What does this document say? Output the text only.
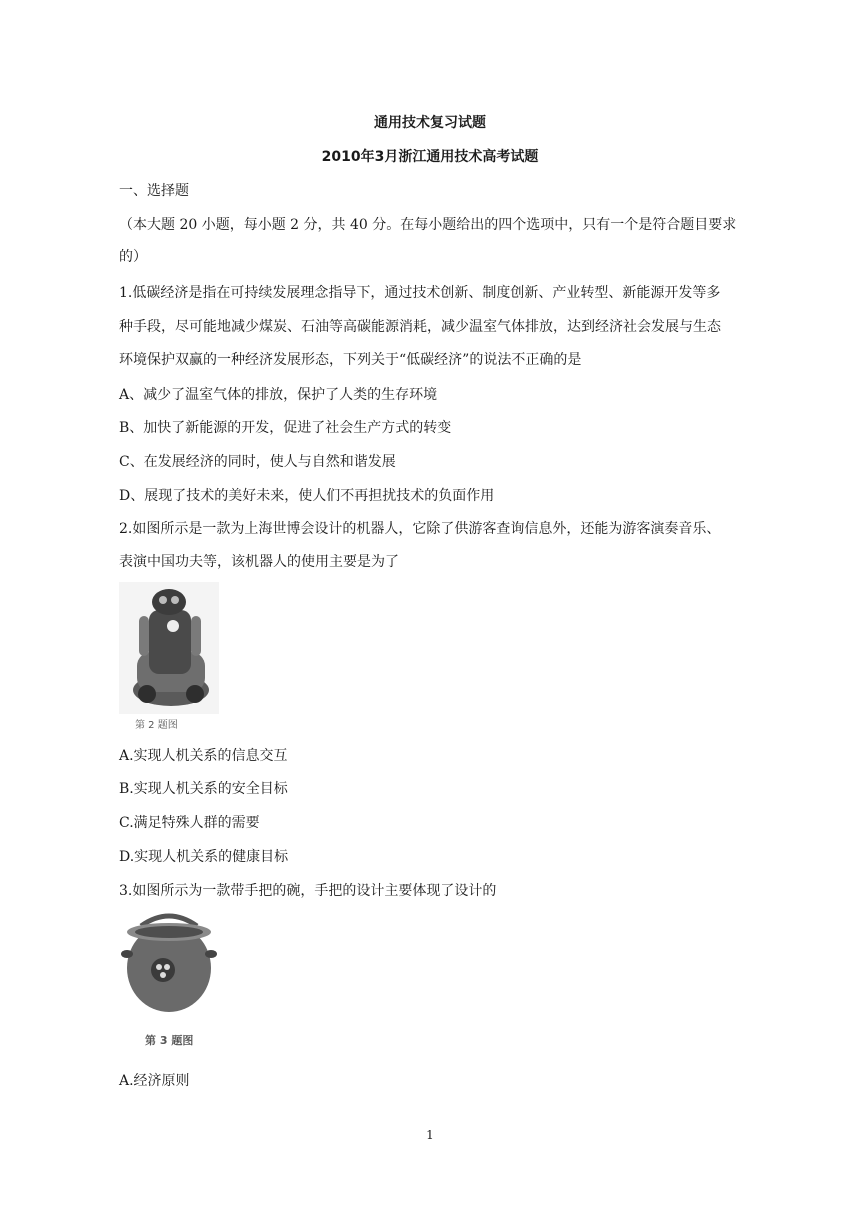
通用技术复习试题
2010年3月浙江通用技术高考试题
一、选择题
（本大题 20 小题，每小题 2 分，共 40 分。在每小题给出的四个选项中，只有一个是符合题目要求
的）
1.低碳经济是指在可持续发展理念指导下，通过技术创新、制度创新、产业转型、新能源开发等多
种手段，尽可能地减少煤炭、石油等高碳能源消耗，减少温室气体排放，达到经济社会发展与生态
环境保护双赢的一种经济发展形态，下列关于“低碳经济”的说法不正确的是
A、减少了温室气体的排放，保护了人类的生存环境
B、加快了新能源的开发，促进了社会生产方式的转变
C、在发展经济的同时，使人与自然和谐发展
D、展现了技术的美好未来，使人们不再担扰技术的负面作用
2.如图所示是一款为上海世博会设计的机器人，它除了供游客查询信息外，还能为游客演奏音乐、
表演中国功夫等，该机器人的使用主要是为了
第 2 题图
A.实现人机关系的信息交互
B.实现人机关系的安全目标
C.满足特殊人群的需要
D.实现人机关系的健康目标
3.如图所示为一款带手把的碗，手把的设计主要体现了设计的
第 3 题图
A.经济原则
1
